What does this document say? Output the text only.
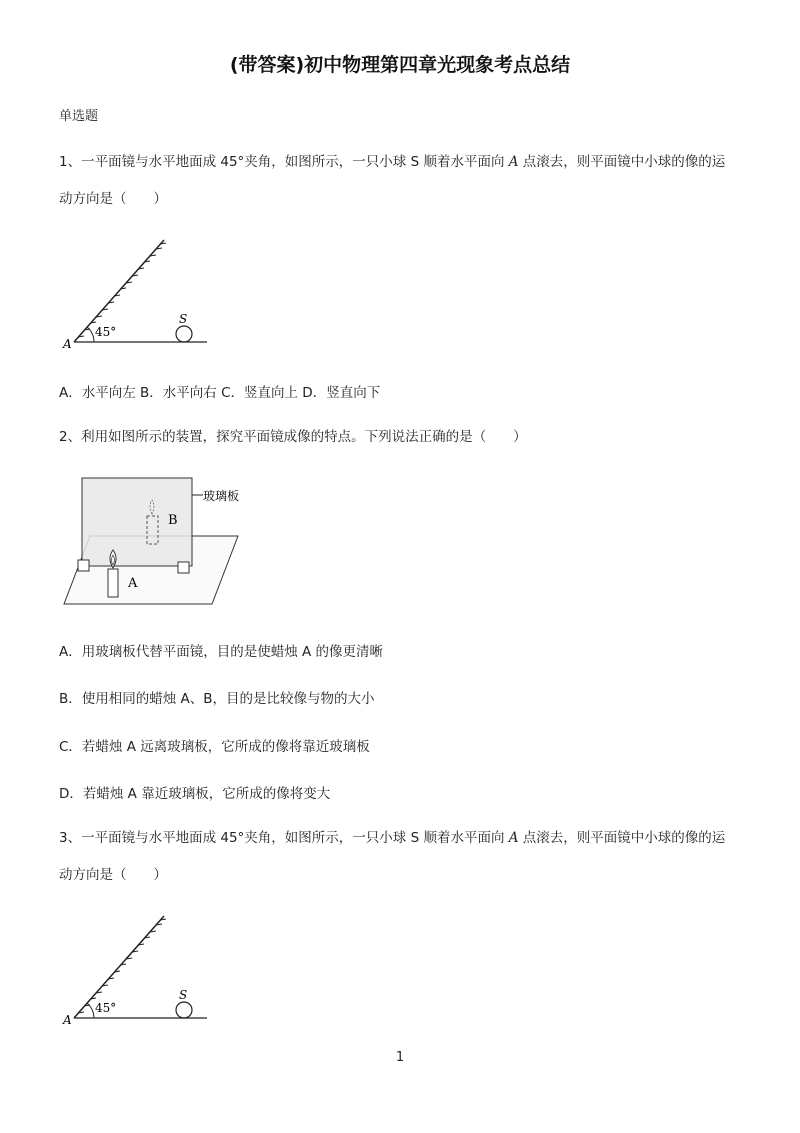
(带答案)初中物理第四章光现象考点总结
单选题
1、一平面镜与水平地面成 45°夹角，如图所示，一只小球 S 顺着水平面向 A 点滚去，则平面镜中小球的像的运
动方向是（　　）
45°
A
S
A．水平向左 B．水平向右 C．竖直向上 D．竖直向下
2、利用如图所示的装置，探究平面镜成像的特点。下列说法正确的是（　　）
玻璃板
B
A
A．用玻璃板代替平面镜，目的是使蜡烛 A 的像更清晰
B．使用相同的蜡烛 A、B，目的是比较像与物的大小
C．若蜡烛 A 远离玻璃板，它所成的像将靠近玻璃板
D．若蜡烛 A 靠近玻璃板，它所成的像将变大
3、一平面镜与水平地面成 45°夹角，如图所示，一只小球 S 顺着水平面向 A 点滚去，则平面镜中小球的像的运
动方向是（　　）
45°
A
S
1
